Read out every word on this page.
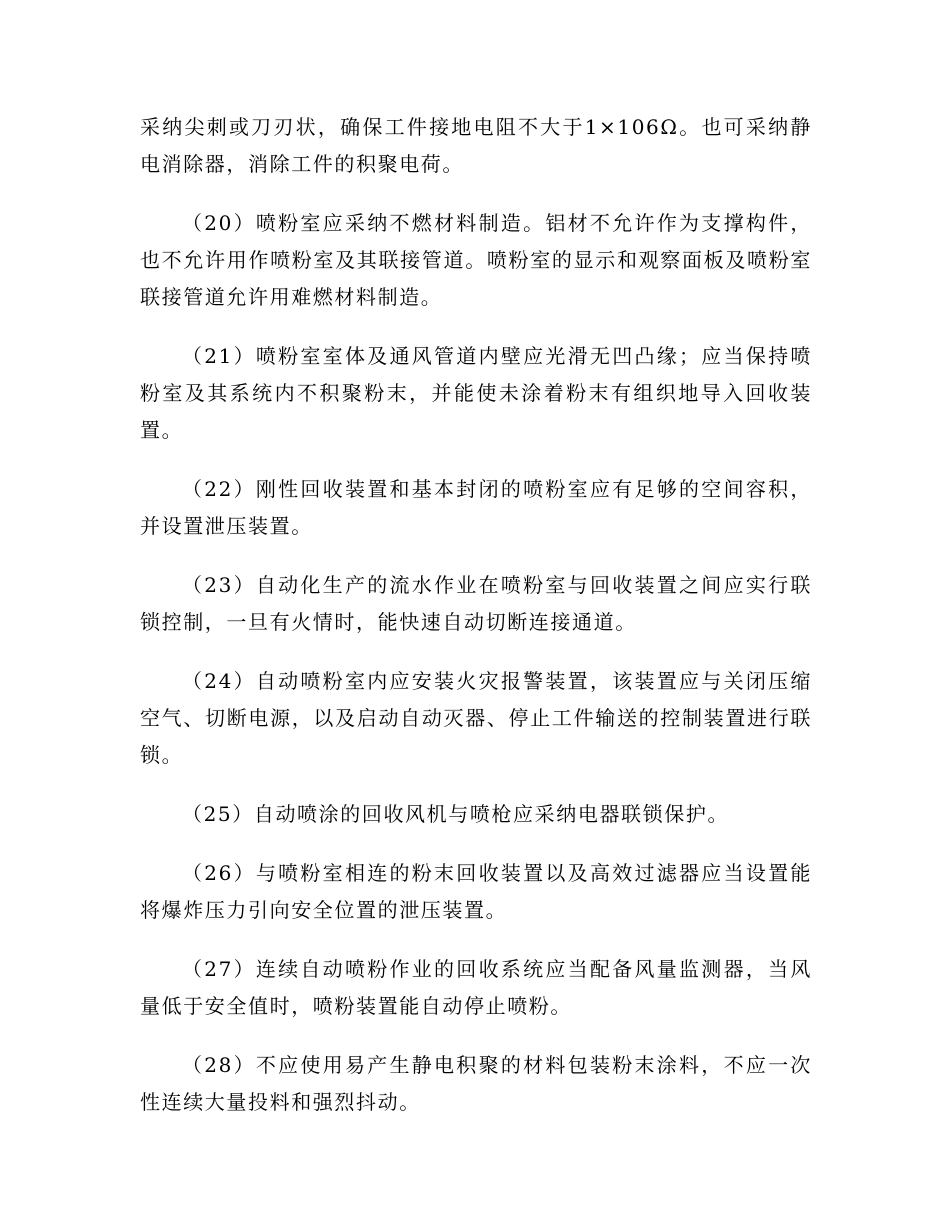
采纳尖刺或刀刃状，确保工件接地电阻不大于1×106Ω。也可采纳静电消除器，消除工件的积聚电荷。

（20）喷粉室应采纳不燃材料制造。铝材不允许作为支撑构件，也不允许用作喷粉室及其联接管道。喷粉室的显示和观察面板及喷粉室联接管道允许用难燃材料制造。

（21）喷粉室室体及通风管道内壁应光滑无凹凸缘；应当保持喷粉室及其系统内不积聚粉末，并能使未涂着粉末有组织地导入回收装置。

（22）刚性回收装置和基本封闭的喷粉室应有足够的空间容积，并设置泄压装置。

（23）自动化生产的流水作业在喷粉室与回收装置之间应实行联锁控制，一旦有火情时，能快速自动切断连接通道。

（24）自动喷粉室内应安装火灾报警装置，该装置应与关闭压缩空气、切断电源，以及启动自动灭器、停止工件输送的控制装置进行联锁。

（25）自动喷涂的回收风机与喷枪应采纳电器联锁保护。

（26）与喷粉室相连的粉末回收装置以及高效过滤器应当设置能将爆炸压力引向安全位置的泄压装置。

（27）连续自动喷粉作业的回收系统应当配备风量监测器，当风量低于安全值时，喷粉装置能自动停止喷粉。

（28）不应使用易产生静电积聚的材料包装粉末涂料，不应一次性连续大量投料和强烈抖动。
